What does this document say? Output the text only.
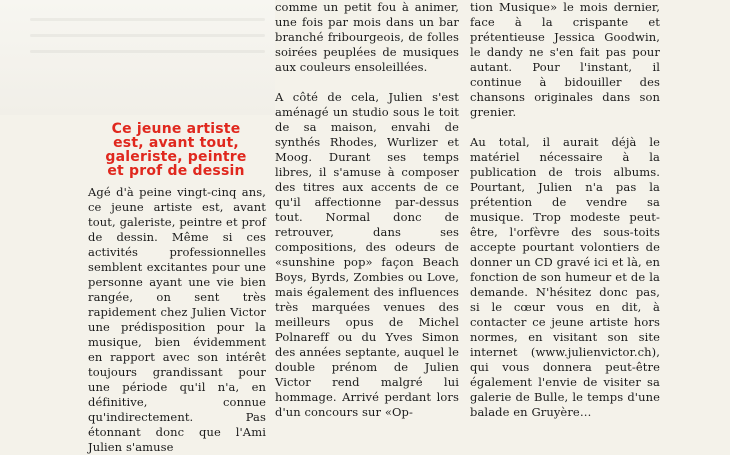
Ce jeune artiste est, avant tout, galeriste, peintre et prof de dessin

Agé d'à peine vingt-cinq ans, ce jeune artiste est, avant tout, galeriste, peintre et prof de dessin. Même si ces activités professionnelles semblent excitantes pour une personne ayant une vie bien rangée, on sent très rapidement chez Julien Victor une prédisposition pour la musique, bien évidemment en rapport avec son intérêt toujours grandissant pour une période qu'il n'a, en définitive, connue qu'indirectement. Pas étonnant donc que l'Ami Julien s'amuse

comme un petit fou à animer, une fois par mois dans un bar branché fribourgeois, de folles soirées peuplées de musiques aux couleurs ensoleillées.

A côté de cela, Julien s'est aménagé un studio sous le toit de sa maison, envahi de synthés Rhodes, Wurlizer et Moog. Durant ses temps libres, il s'amuse à composer des titres aux accents de ce qu'il affectionne par-dessus tout. Normal donc de retrouver, dans ses compositions, des odeurs de «sunshine pop» façon Beach Boys, Byrds, Zombies ou Love, mais également des influences très marquées venues des meilleurs opus de Michel Polnareff ou du Yves Simon des années septante, auquel le double prénom de Julien Victor rend malgré lui hommage. Arrivé perdant lors d'un concours sur «Op-

tion Musique» le mois dernier, face à la crispante et prétentieuse Jessica Goodwin, le dandy ne s'en fait pas pour autant. Pour l'instant, il continue à bidouiller des chansons originales dans son grenier.

Au total, il aurait déjà le matériel nécessaire à la publication de trois albums. Pourtant, Julien n'a pas la prétention de vendre sa musique. Trop modeste peut-être, l'orfèvre des sous-toits accepte pourtant volontiers de donner un CD gravé ici et là, en fonction de son humeur et de la demande. N'hésitez donc pas, si le cœur vous en dit, à contacter ce jeune artiste hors normes, en visitant son site internet (www.julienvictor.ch), qui vous donnera peut-être également l'envie de visiter sa galerie de Bulle, le temps d'une balade en Gruyère…
